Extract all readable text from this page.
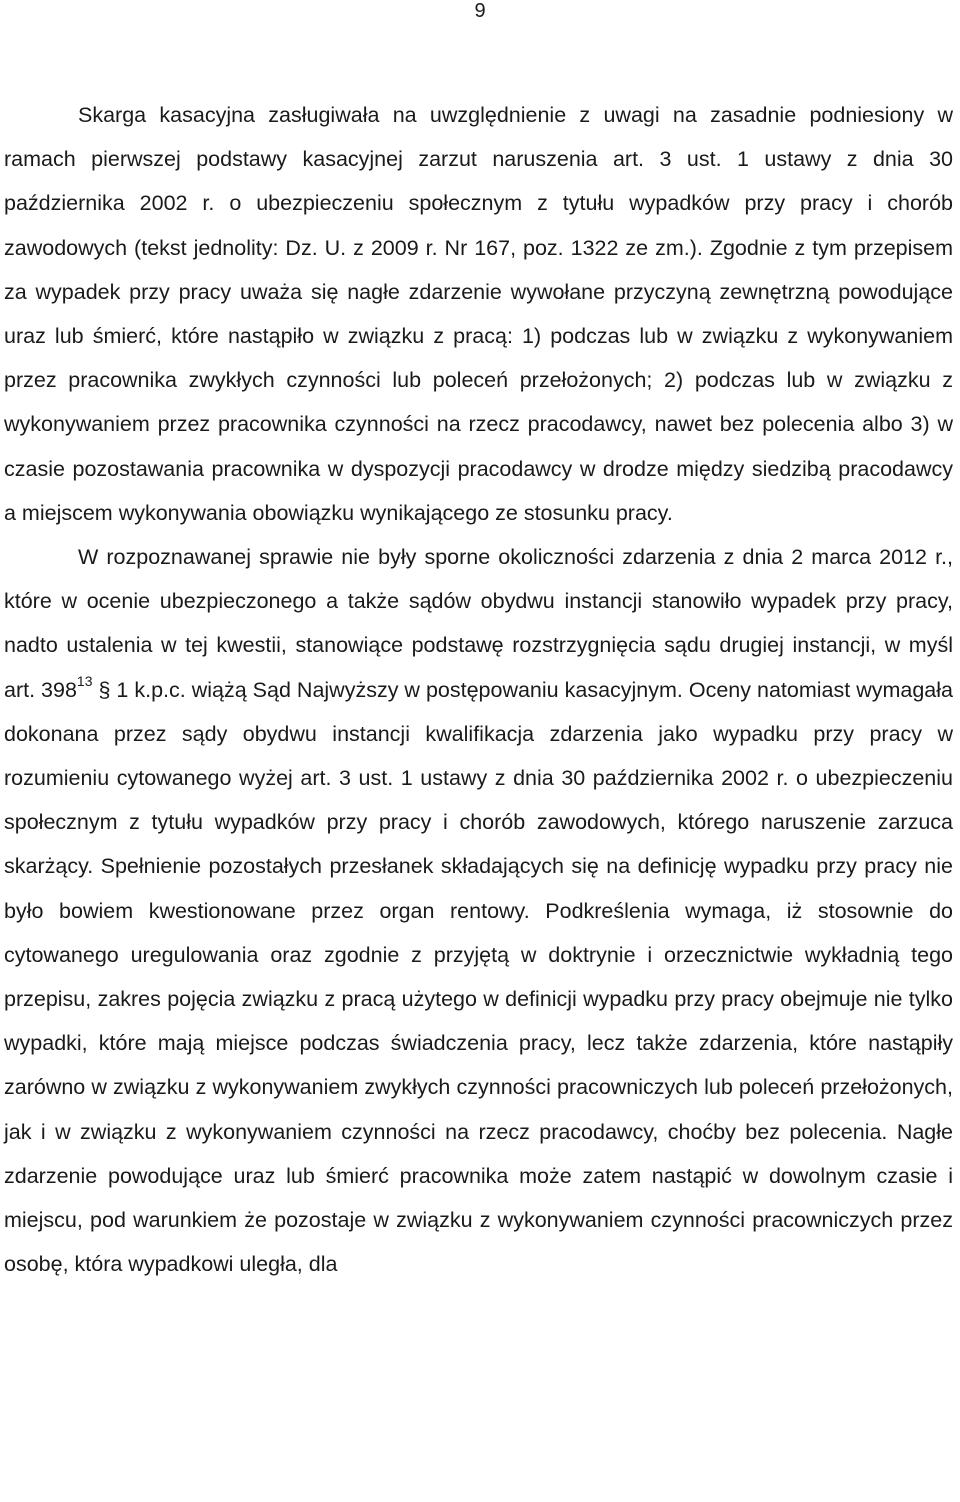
9

Skarga kasacyjna zasługiwała na uwzględnienie z uwagi na zasadnie podniesiony w ramach pierwszej podstawy kasacyjnej zarzut naruszenia art. 3 ust. 1 ustawy z dnia 30 października 2002 r. o ubezpieczeniu społecznym z tytułu wypadków przy pracy i chorób zawodowych (tekst jednolity: Dz. U. z 2009 r. Nr 167, poz. 1322 ze zm.). Zgodnie z tym przepisem za wypadek przy pracy uważa się nagłe zdarzenie wywołane przyczyną zewnętrzną powodujące uraz lub śmierć, które nastąpiło w związku z pracą: 1) podczas lub w związku z wykonywaniem przez pracownika zwykłych czynności lub poleceń przełożonych; 2) podczas lub w związku z wykonywaniem przez pracownika czynności na rzecz pracodawcy, nawet bez polecenia albo 3) w czasie pozostawania pracownika w dyspozycji pracodawcy w drodze między siedzibą pracodawcy a miejscem wykonywania obowiązku wynikającego ze stosunku pracy.

W rozpoznawanej sprawie nie były sporne okoliczności zdarzenia z dnia 2 marca 2012 r., które w ocenie ubezpieczonego a także sądów obydwu instancji stanowiło wypadek przy pracy, nadto ustalenia w tej kwestii, stanowiące podstawę rozstrzygnięcia sądu drugiej instancji, w myśl art. $398^{13}$ § 1 k.p.c. wiążą Sąd Najwyższy w postępowaniu kasacyjnym. Oceny natomiast wymagała dokonana przez sądy obydwu instancji kwalifikacja zdarzenia jako wypadku przy pracy w rozumieniu cytowanego wyżej art. 3 ust. 1 ustawy z dnia 30 października 2002 r. o ubezpieczeniu społecznym z tytułu wypadków przy pracy i chorób zawodowych, którego naruszenie zarzuca skarżący. Spełnienie pozostałych przesłanek składających się na definicję wypadku przy pracy nie było bowiem kwestionowane przez organ rentowy. Podkreślenia wymaga, iż stosownie do cytowanego uregulowania oraz zgodnie z przyjętą w doktrynie i orzecznictwie wykładnią tego przepisu, zakres pojęcia związku z pracą użytego w definicji wypadku przy pracy obejmuje nie tylko wypadki, które mają miejsce podczas świadczenia pracy, lecz także zdarzenia, które nastąpiły zarówno w związku z wykonywaniem zwykłych czynności pracowniczych lub poleceń przełożonych, jak i w związku z wykonywaniem czynności na rzecz pracodawcy, choćby bez polecenia. Nagłe zdarzenie powodujące uraz lub śmierć pracownika może zatem nastąpić w dowolnym czasie i miejscu, pod warunkiem że pozostaje w związku z wykonywaniem czynności pracowniczych przez osobę, która wypadkowi uległa, dla
